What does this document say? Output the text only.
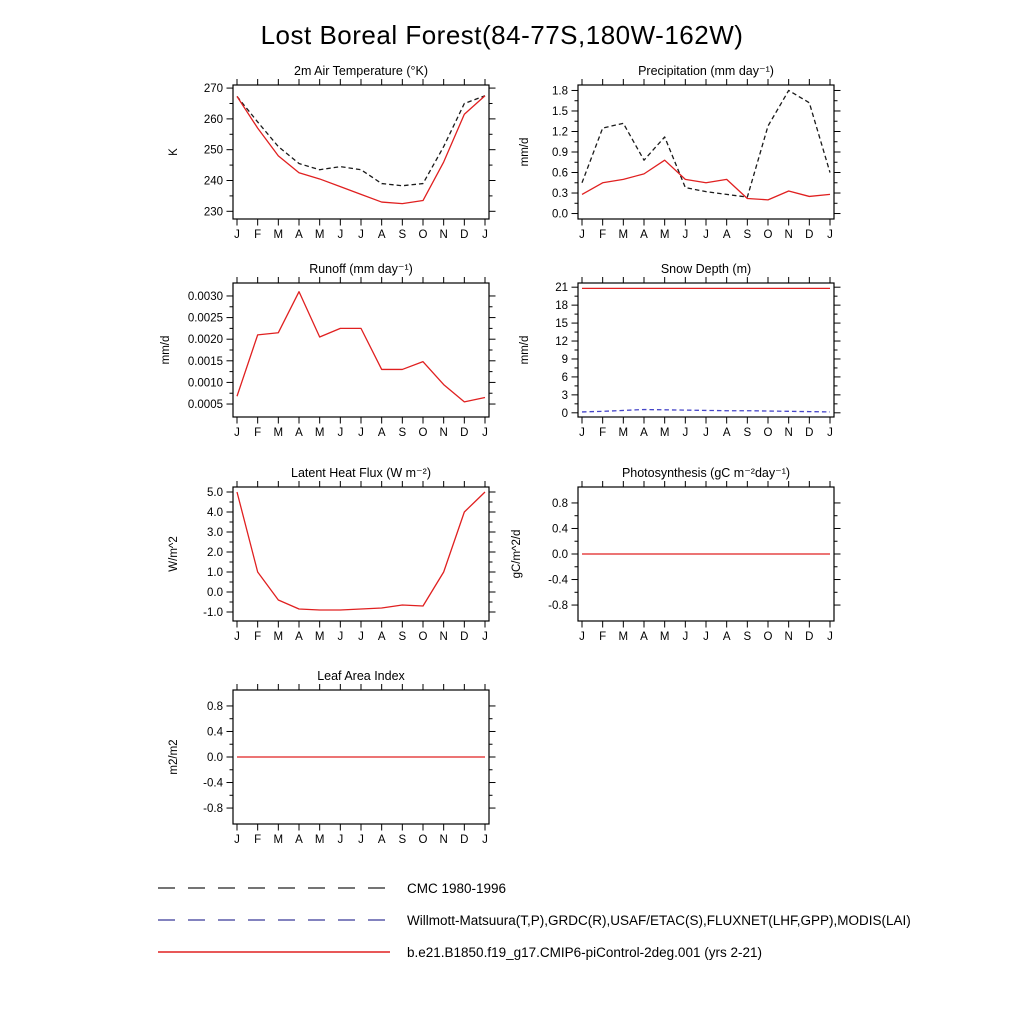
Lost Boreal Forest(84-77S,180W-162W)
2m Air Temperature (°K)
K
230
240
250
260
270
J F M A M J J A S O N D J
Precipitation (mm day⁻¹)
mm/d
0.0
0.3
0.6
0.9
1.2
1.5
1.8
J F M A M J J A S O N D J
Runoff (mm day⁻¹)
mm/d
0.0005
0.0010
0.0015
0.0020
0.0025
0.0030
J F M A M J J A S O N D J
Snow Depth (m)
mm/d
0
3
6
9
12
15
18
21
J F M A M J J A S O N D J
Latent Heat Flux (W m⁻²)
W/m^2
-1.0
0.0
1.0
2.0
3.0
4.0
5.0
J F M A M J J A S O N D J
Photosynthesis (gC m⁻²day⁻¹)
gC/m^2/d
-0.8
-0.4
0.0
0.4
0.8
J F M A M J J A S O N D J
Leaf Area Index
m2/m2
-0.8
-0.4
0.0
0.4
0.8
J F M A M J J A S O N D J
CMC 1980-1996
Willmott-Matsuura(T,P),GRDC(R),USAF/ETAC(S),FLUXNET(LHF,GPP),MODIS(LAI)
b.e21.B1850.f19_g17.CMIP6-piControl-2deg.001 (yrs 2-21)
